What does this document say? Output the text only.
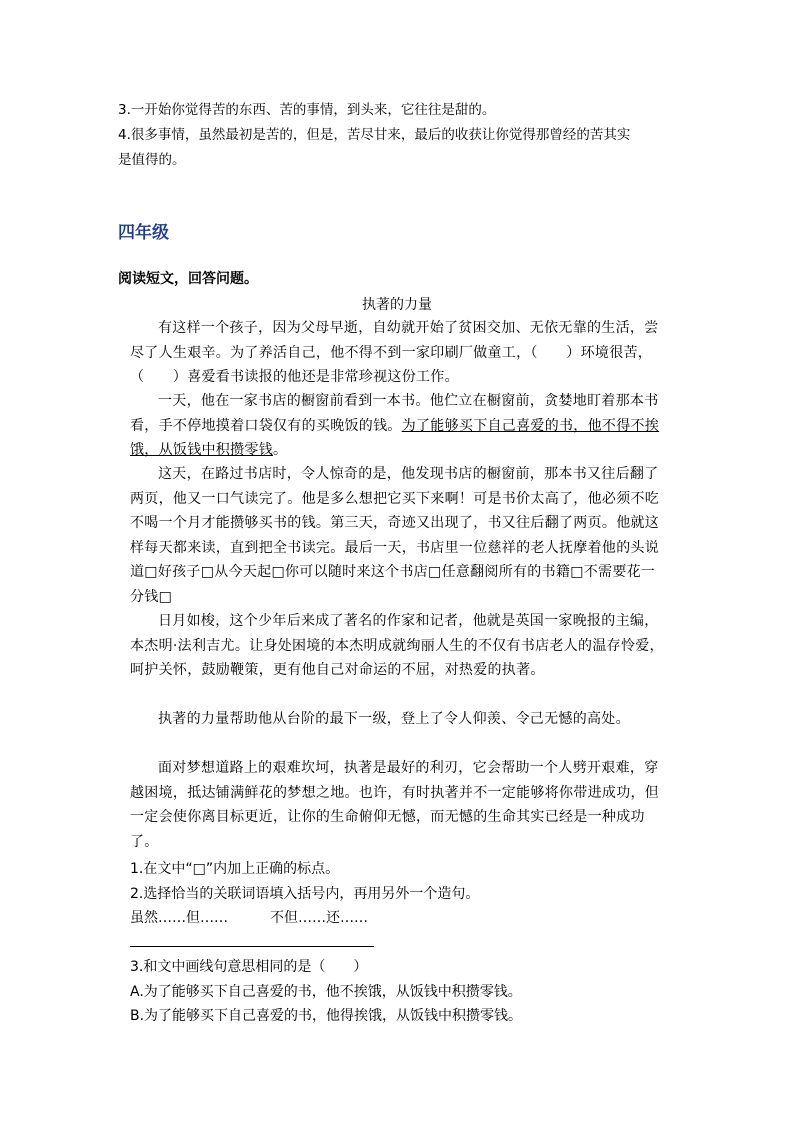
3.一开始你觉得苦的东西、苦的事情，到头来，它往往是甜的。
4.很多事情，虽然最初是苦的，但是，苦尽甘来，最后的收获让你觉得那曾经的苦其实
是值得的。
四年级
阅读短文，回答问题。
执著的力量
有这样一个孩子，因为父母早逝，自幼就开始了贫困交加、无依无靠的生活，尝尽了人生艰辛。为了养活自己，他不得不到一家印刷厂做童工，（　　）环境很苦，（　　）喜爱看书读报的他还是非常珍视这份工作。
一天，他在一家书店的橱窗前看到一本书。他伫立在橱窗前，贪婪地盯着那本书看，手不停地摸着口袋仅有的买晚饭的钱。为了能够买下自己喜爱的书，他不得不挨饿，从饭钱中积攒零钱。
这天，在路过书店时，令人惊奇的是，他发现书店的橱窗前，那本书又往后翻了两页，他又一口气读完了。他是多么想把它买下来啊！可是书价太高了，他必须不吃不喝一个月才能攒够买书的钱。第三天，奇迹又出现了，书又往后翻了两页。他就这样每天都来读，直到把全书读完。最后一天，书店里一位慈祥的老人抚摩着他的头说道□好孩子□从今天起□你可以随时来这个书店□任意翻阅所有的书籍□不需要花一分钱□
日月如梭，这个少年后来成了著名的作家和记者，他就是英国一家晚报的主编，本杰明·法利吉尤。让身处困境的本杰明成就绚丽人生的不仅有书店老人的温存怜爱，呵护关怀，鼓励鞭策，更有他自己对命运的不屈，对热爱的执著。
执著的力量帮助他从台阶的最下一级，登上了令人仰羡、令己无憾的高处。
面对梦想道路上的艰难坎坷，执著是最好的利刃，它会帮助一个人劈开艰难，穿越困境，抵达铺满鲜花的梦想之地。也许，有时执著并不一定能够将你带进成功，但一定会使你离目标更近，让你的生命俯仰无憾，而无憾的生命其实已经是一种成功了。
1.在文中“□”内加上正确的标点。
2.选择恰当的关联词语填入括号内，再用另外一个造句。
虽然……但……　　　不但……还……
3.和文中画线句意思相同的是（　　）
A.为了能够买下自己喜爱的书，他不挨饿，从饭钱中积攒零钱。
B.为了能够买下自己喜爱的书，他得挨饿，从饭钱中积攒零钱。
